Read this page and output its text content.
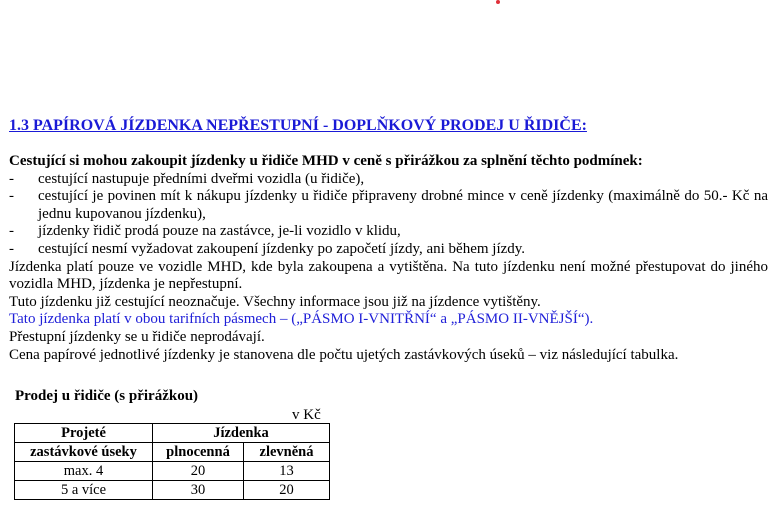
1.3 PAPÍROVÁ JÍZDENKA NEPŘESTUPNÍ - DOPLŇKOVÝ PRODEJ U ŘIDIČE:

Cestující si mohou zakoupit jízdenky u řidiče MHD v ceně s přirážkou za splnění těchto podmínek:

- cestující nastupuje předními dveřmi vozidla (u řidiče),
- cestující je povinen mít k nákupu jízdenky u řidiče připraveny drobné mince v ceně jízdenky (maximálně do 50.- Kč na jednu kupovanou jízdenku),
- jízdenky řidič prodá pouze na zastávce, je-li vozidlo v klidu,
- cestující nesmí vyžadovat zakoupení jízdenky po započetí jízdy, ani během jízdy.

Jízdenka platí pouze ve vozidle MHD, kde byla zakoupena a vytištěna. Na tuto jízdenku není možné přestupovat do jiného vozidla MHD, jízdenka je nepřestupní.

Tuto jízdenku již cestující neoznačuje. Všechny informace jsou již na jízdence vytištěny.

Tato jízdenka platí v obou tarifních pásmech – („PÁSMO I-VNITŘNÍ“ a „PÁSMO II-VNĚJŠÍ“).

Přestupní jízdenky se u řidiče neprodávají.

Cena papírové jednotlivé jízdenky je stanovena dle počtu ujetých zastávkových úseků – viz následující tabulka.

Prodej u řidiče (s přirážkou)

v Kč
Projeté	Jízdenka	
zastávkové úseky	plnocenná	zlevněná
max. 4	20	13
5 a více	30	20
